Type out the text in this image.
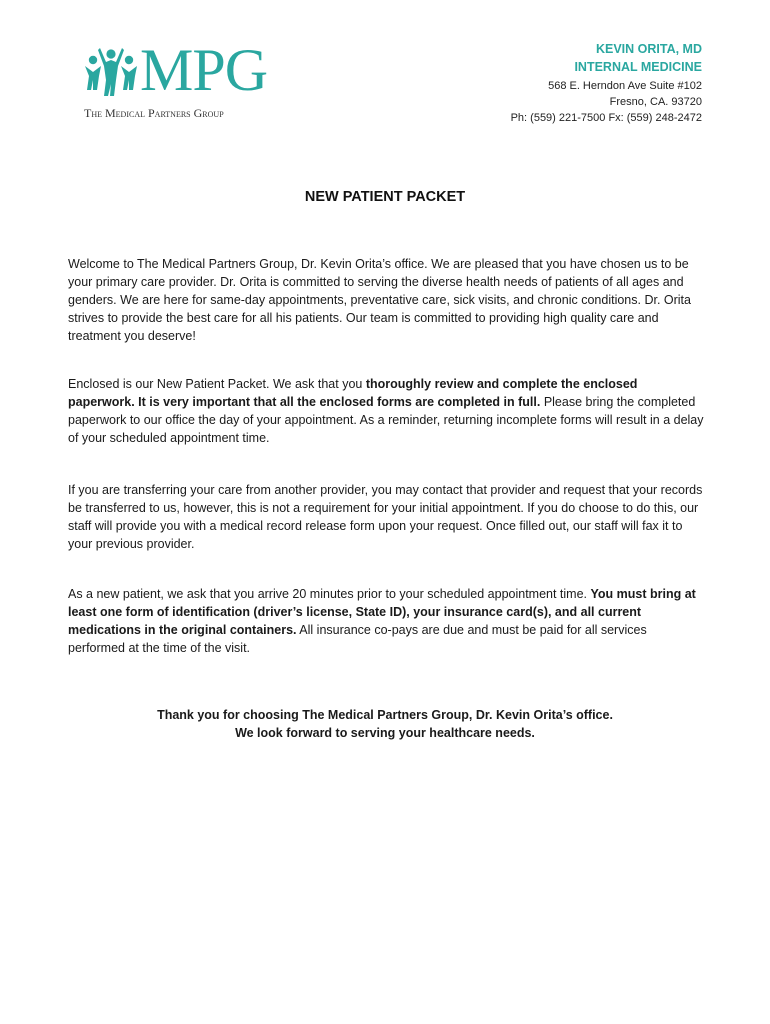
MPG
The Medical Partners Group
KEVIN ORITA, MD
INTERNAL MEDICINE
568 E. Herndon Ave Suite #102
Fresno, CA. 93720
Ph: (559) 221-7500 Fx: (559) 248-2472
NEW PATIENT PACKET

Welcome to The Medical Partners Group, Dr. Kevin Orita’s office. We are pleased that you have chosen us to be your primary care provider. Dr. Orita is committed to serving the diverse health needs of patients of all ages and genders. We are here for same-day appointments, preventative care, sick visits, and chronic conditions. Dr. Orita strives to provide the best care for all his patients. Our team is committed to providing high quality care and treatment you deserve!

Enclosed is our New Patient Packet. We ask that you thoroughly review and complete the enclosed paperwork. It is very important that all the enclosed forms are completed in full. Please bring the completed paperwork to our office the day of your appointment. As a reminder, returning incomplete forms will result in a delay of your scheduled appointment time.

If you are transferring your care from another provider, you may contact that provider and request that your records be transferred to us, however, this is not a requirement for your initial appointment. If you do choose to do this, our staff will provide you with a medical record release form upon your request. Once filled out, our staff will fax it to your previous provider.

As a new patient, we ask that you arrive 20 minutes prior to your scheduled appointment time. You must bring at least one form of identification (driver’s license, State ID), your insurance card(s), and all current medications in the original containers. All insurance co-pays are due and must be paid for all services performed at the time of the visit.

Thank you for choosing The Medical Partners Group, Dr. Kevin Orita’s office.
We look forward to serving your healthcare needs.
